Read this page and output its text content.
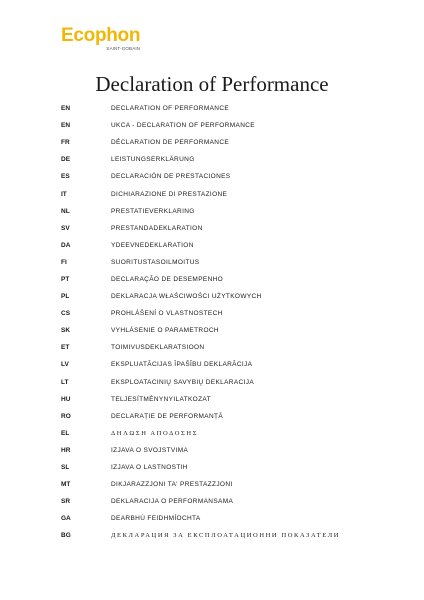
Ecophon
SAINT-GOBAIN
Declaration of Performance
EN	DECLARATION OF PERFORMANCE
EN	UKCA - DECLARATION OF PERFORMANCE
FR	DÉCLARATION DE PERFORMANCE
DE	LEISTUNGSERKLÄRUNG
ES	DECLARACIÓN DE PRESTACIONES
IT	DICHIARAZIONE DI PRESTAZIONE
NL	PRESTATIEVERKLARING
SV	PRESTANDADEKLARATION
DA	YDEEVNEDEKLARATION
FI	SUORITUSTASOILMOITUS
PT	DECLARAÇÃO DE DESEMPENHO
PL	DEKLARACJA WŁAŚCIWOŚCI UŻYTKOWYCH
CS	PROHLÁŠENÍ O VLASTNOSTECH
SK	VYHLÁSENIE O PARAMETROCH
ET	TOIMIVUSDEKLARATSIOON
LV	EKSPLUATĀCIJAS ĪPAŠĪBU DEKLARĀCIJA
LT	EKSPLOATACINIŲ SAVYBIŲ DEKLARACIJA
HU	TELJESÍTMÉNYNYILATKOZAT
RO	DECLARAȚIE DE PERFORMANȚĂ
EL	ΔΗΛΩΣΗ ΑΠΟΔΟΣΗΣ
HR	IZJAVA O SVOJSTVIMA
SL	IZJAVA O LASTNOSTIH
MT	DIKJARAZZJONI TA' PRESTAZZJONI
SR	DEKLARACIJA O PERFORMANSAMA
GA	DEARBHÚ FEIDHMÍOCHTA
BG	ДЕКЛАРАЦИЯ ЗА ЕКСПЛОАТАЦИОННИ ПОКАЗАТЕЛИ
